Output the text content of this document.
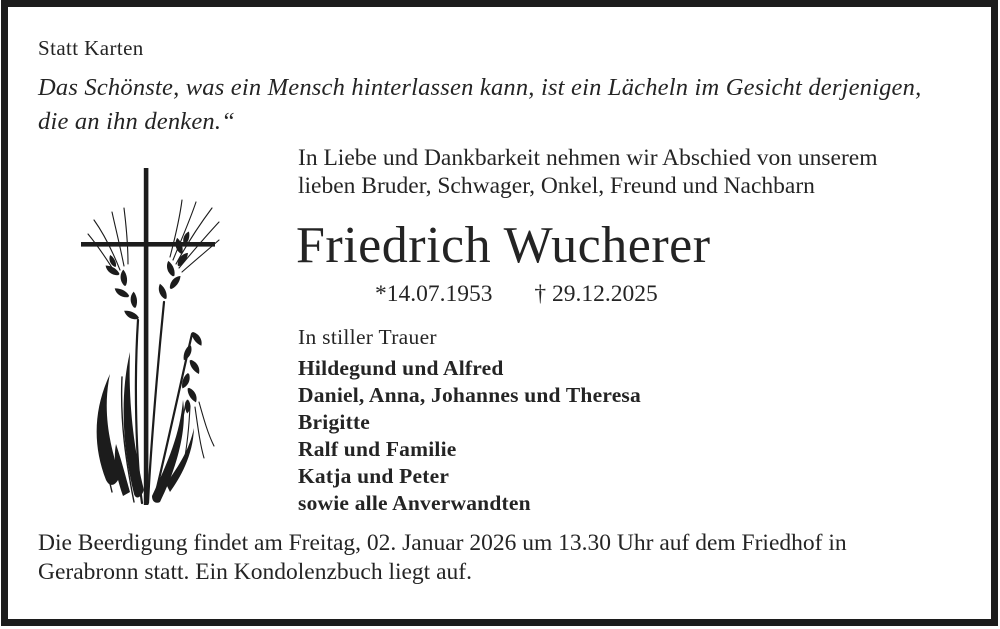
Statt Karten
Das Schönste, was ein Mensch hinterlassen kann, ist ein Lächeln im Gesicht derjenigen,
die an ihn denken.“
In Liebe und Dankbarkeit nehmen wir Abschied von unserem
lieben Bruder, Schwager, Onkel, Freund und Nachbarn
Friedrich Wucherer
*14.07.1953 † 29.12.2025
In stiller Trauer
Hildegund und Alfred
Daniel, Anna, Johannes und Theresa
Brigitte
Ralf und Familie
Katja und Peter
sowie alle Anverwandten
Die Beerdigung findet am Freitag, 02. Januar 2026 um 13.30 Uhr auf dem Friedhof in
Gerabronn statt. Ein Kondolenzbuch liegt auf.
